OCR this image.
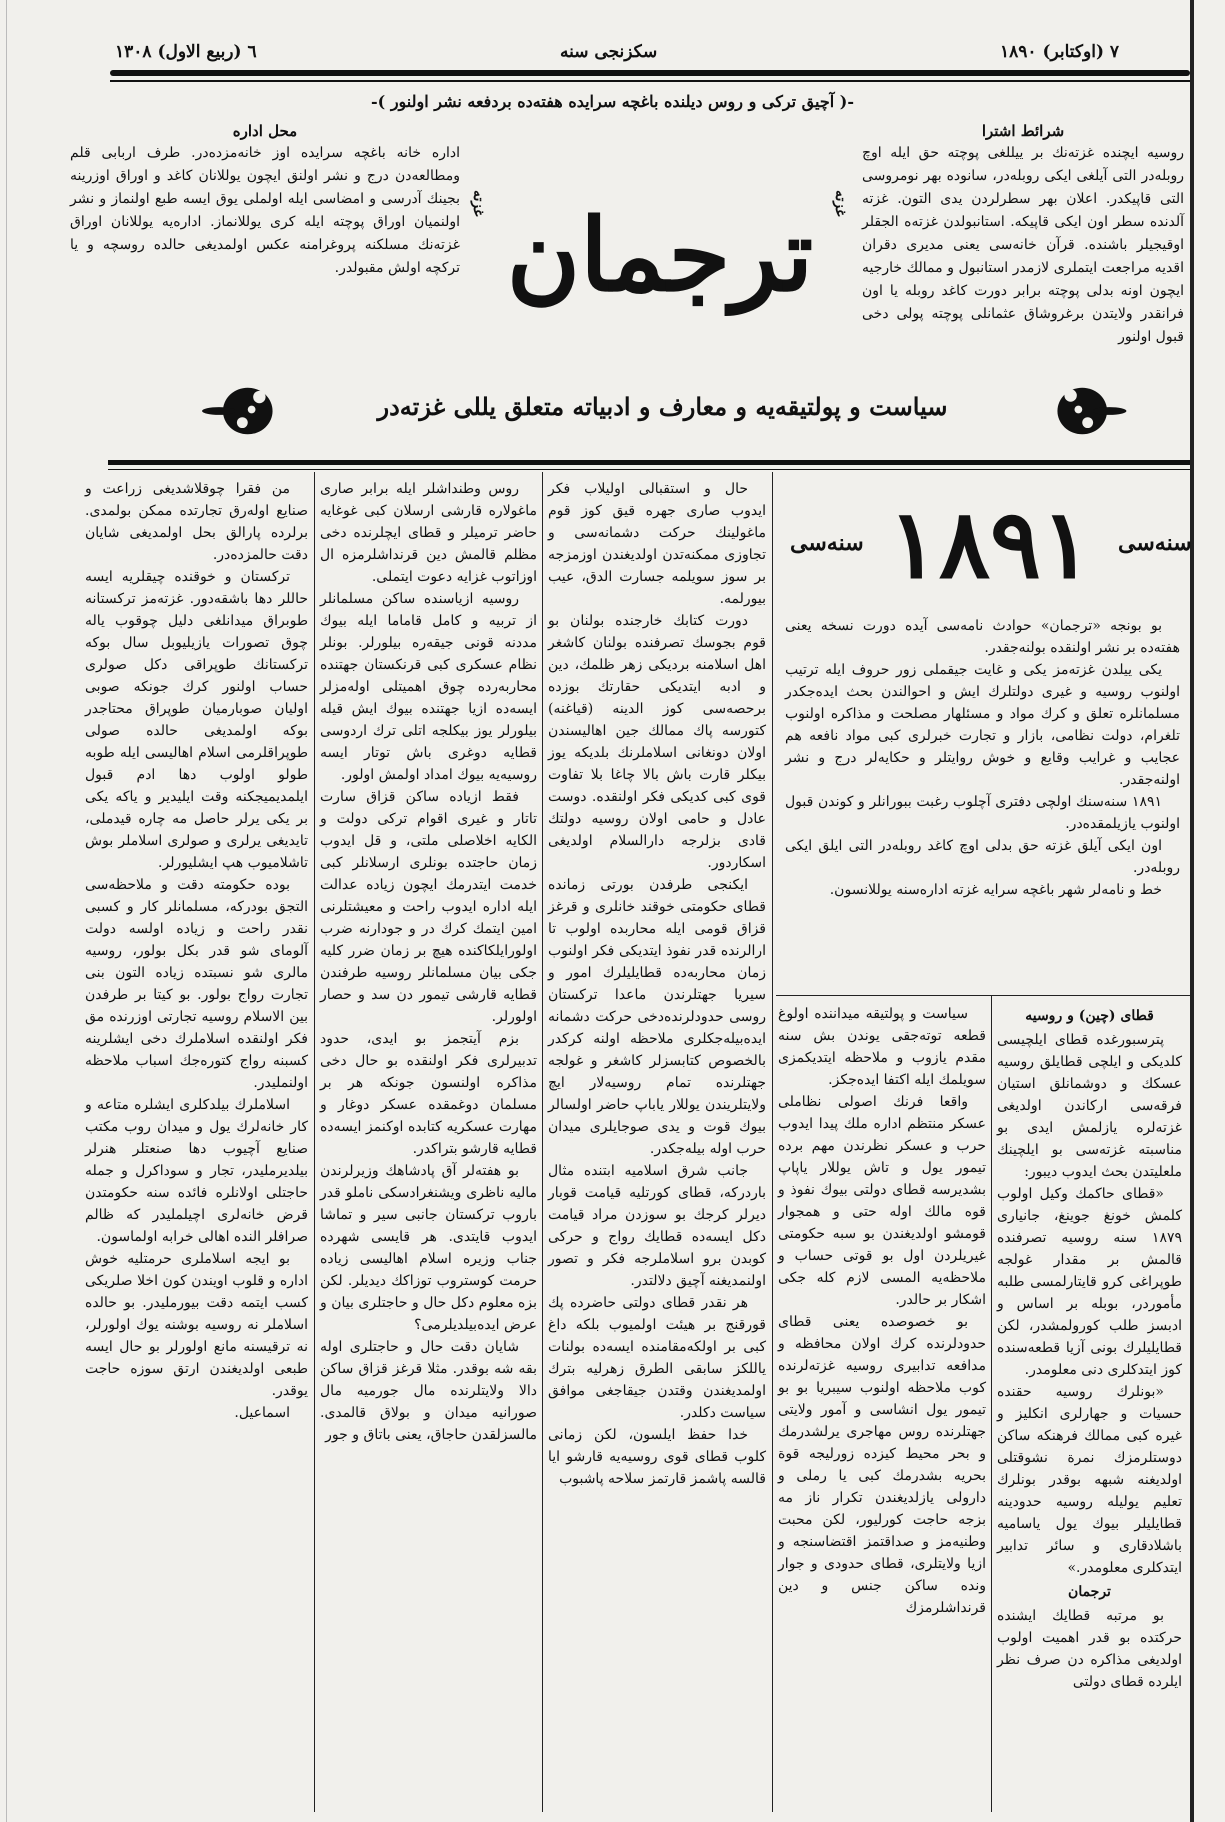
٧ (اوکتابر) ١٨٩٠
سکزنجی سنه
٦ (ربیع الاول) ١٣٠٨
-( آچیق ترکی و روس دیلنده باغچه سرایده هفته‌ده بردفعه نشر اولنور )-
شرائط اشترا
روسیه ایچنده غزته‌نك بر ییللغی پوچته حق ایله اوچ روبله‌در التی آیلغی ایکی روبله‌در، سانوده بهر نومروسی التی قاپیکدر. اعلان بهر سطرلردن یدی التون. غزته آلدنده سطر اون ایکی قاپیکه. استانبولدن غزته‌ه الجقلر اوقیجیلر باشنده. قرآن خانه‌سی یعنی مدیری دقران اقدیه مراجعت ایتملری لازمدر استانبول و ممالك خارجیه ایچون اونه بدلی پوچته برابر دورت کاغد روبله یا اون فرانقدر ولایتدن برغروشاق عثمانلی پوچته پولی دخی قبول اولنور
غزته
ترجمان
غزته
محل اداره
اداره خانه باغچه سرایده اوز خانه‌مزده‌در. طرف اربابی قلم ومطالعه‌دن درج و نشر اولنق ایچون یوللانان کاغد و اوراق اوزرینه بجینك آدرسی و امضاسی ایله اولملی یوق ایسه طبع اولنماز و نشر اولنمیان اوراق پوچته ایله کری یوللانماز. اداره‌یه یوللانان اوراق غزته‌نك مسلکنه پروغرامنه عکس اولمدیغی حالده روسچه و یا ترکچه اولش مقبولدر.
سیاست و پولتیقه‌یه و معارف و ادبیاته متعلق یللی غزته‌در
سنه‌سی
١٨٩١
سنه‌سی

بو بونجه «ترجمان» حوادث نامه‌سی آیده دورت نسخه یعنی هفته‌ده بر نشر اولنقده بولنه‌جقدر.

یکی ییلدن غزته‌مز یکی و غایت جیقملی زور حروف ایله ترتیب اولنوب روسیه و غیری دولتلرك ایش و احوالندن بحث ایده‌جکدر مسلمانلره تعلق و کرك مواد و مسئلهار مصلحت و مذاکره اولنوب تلغرام، دولت نظامی، بازار و تجارت خبرلری کبی مواد نافعه هم عجایب و غرایب وقایع و خوش روایتلر و حکایه‌لر درج و نشر اولنه‌جقدر.

١٨٩١ سنه‌سنك اولچی دفتری آچلوب رغبت ببورانلر و کوندن قبول اولنوب یازیلمقده‌در.

اون ایکی آیلق غزته حق بدلی اوچ کاغد روبله‌در التی ایلق ایکی روبله‌در.

خط و نامه‌لر شهر باغچه سرایه غزته اداره‌سنه یوللانسون.

قطای (چین) و روسیه

پترسبورغده قطای ایلچیسی کلدیکی و ایلچی قطایلق روسیه عسکك و دوشمانلق استیان فرقه‌سی ارکاندن اولدیغی غزته‌لره یازلمش ایدی بو مناسبته غزته‌سی بو ایلچینك ملعلیتدن بحث ایدوب دیبور:

«قطای حاکمك وکیل اولوب کلمش خونغ جوینغ، جانیاری ١٨٧٩ سنه روسیه تصرفنده قالمش بر مقدار غولجه طوپراغی کرو قایتارلمسی طلبه مأموردر، بوبله بر اساس و ادبسز طلب کورولمشدر، لکن قطایلیلرك بونی آزیا قطعه‌سنده کوز ایتدکلری دنی معلومدر.

«بونلرك روسیه حقنده حسیات و جهارلری انکلیز و غیره کبی ممالك فرهنکه ساکن دوستلرمزك نمرة نشوقتلی اولدیغنه شبهه بوقدر بونلرك تعلیم یولیله روسیه حدودینه قطایلیلر بیوك یول یاسامیه باشلادقاری و سائر تدابیر ایتدکلری معلومدر.»

ترجمان

بو مرتبه قطایك ایشنده حرکتده بو قدر اهمیت اولوب اولدیغی مذاکره دن صرف نظر ایلرده قطای دولتی

سیاست و پولتیقه میداننده اولوغ قطعه توته‌جقی یوندن بش سنه مقدم یازوب و ملاحظه ایتدیکمزی سویلمك ایله اکتفا ایده‌جکز.

واقعا فرنك اصولی نظاملی عسکر منتظم اداره ملك پیدا ایدوب حرب و عسکر نظرندن مهم برده تیمور یول و تاش یوللار یاپاپ بشدیرسه قطای دولتی بیوك نفوذ و قوه مالك اوله حتی و همجوار قومشو اولدیغندن بو سبه حکومتی غیریلردن اول بو قوتی حساب و ملاحظه‌یه المسی لازم کله جکی اشکار بر حالدر.

بو خصوصده یعنی قطای حدودلرنده کرك اولان محافظه و مدافعه تدابیری روسیه غزته‌لرنده کوب ملاحظه اولنوب سیبریا بو بو تیمور یول انشاسی و آمور ولایتی جهتلرنده روس مهاجری یرلشدرمك و بحر محیط کیزده زورلیجه قوة بحریه بشدرمك کبی یا رملی و دارولی یازلدیغندن تکرار ناز مه بزجه حاجت کورلیور، لکن محبت وطنیه‌مز و صداقتمز اقتضاسنجه و ازیا ولایتلری، قطای حدودی و جوار ونده ساکن جنس و دین قرنداشلرمزك

حال و استقبالی اولیلاب فکر ایدوب صاری جهره قیق کوز قوم ماغولینك حرکت دشمانه‌سی و تجاوزی ممکنه‌تدن اولدیغندن اوزمزجه بر سوز سویلمه جسارت الدق، عیب بیورلمه.

دورت کتابك خارجنده بولنان بو قوم بجوسك تصرفنده بولنان کاشغر اهل اسلامنه بردیکی زهر ظلمك، دین و ادبه ایتدیکی حقارتك بوزده برحصه‌سی کوز الدینه (قیاغنه) کتورسه پاك ممالك جین اهالیسندن اولان دونغانی اسلاملرنك بلدیکه یوز بیکلر قارت باش بالا چاغا بلا تفاوت قوی کبی کدیکی فکر اولنقده. دوست عادل و حامی اولان روسیه دولتك قادی بزلرجه دارالسلام اولدیغی اسکاردور.

ایکنجی طرفدن بورتی زمانده قطای حکومتی خوقند خانلری و قرغز قزاق قومی ایله محاربده اولوب تا ارالرنده قدر نفوذ ایتدیکی فکر اولنوب زمان محاربه‌ده قطایلیلرك امور و سیریا جهتلرندن ماعدا ترکستان روسی حدودلرنده‌دخی حرکت دشمانه ایده‌بیله‌جکلری ملاحظه اولنه کرکدر بالخصوص کتابسزلر کاشغر و غولجه جهتلرنده تمام روسیه‌لار ایچ ولایتلریندن یوللار یاباپ حاضر اولسالر بیوك قوت و یدی صوجایلری میدان حرب اوله بیله‌جکدر.

جانب شرق اسلامیه ابتنده مثال باردرکه، قطای کورتلیه قیامت قوبار دیرلر کرجك بو سوزدن مراد قیامت دکل ایسه‌ده قطایك رواج و حرکی کوبدن برو اسلاملرجه فکر و تصور اولنمدیغنه آچیق دلالتدر.

هر نقدر قطای دولتی حاضرده پك قورقنج بر هیئت اولمیوب بلکه داغ کبی بر اولکه‌مقامنده ایسه‌ده بولنات یاللکز سابقی الطرق زهرلیه بترك اولمدیغندن وقتدن جیقاجغی موافق سیاست دکلدر.

خدا حفظ ایلسون، لکن زمانی کلوب قطای قوی روسیه‌یه قارشو ایا قالسه پاشمز قارتمز سلاحه پاشبوب

روس وطنداشلر ایله برابر صاری ماغولاره قارشی ارسلان کبی غوغایه حاضر ترمیلر و قطای ایچلرنده دخی مظلم قالمش دین قرنداشلرمزه ال اوزاتوب غزایه دعوت ایتملی.

روسیه ازیاسنده ساکن مسلمانلر از تربیه و کامل قاماما ایله بیوك مددنه قونی جیقه‌ره بیلورلر. بونلر نظام عسکری کبی قرنکستان جهتنده محاربه‌رده چوق اهمیتلی اوله‌مزلر ایسه‌ده ازیا جهتنده بیوك ایش قیله بیلورلر یوز بیکلجه اتلی ترك اردوسی قطایه دوغری باش توتار ایسه روسیه‌یه بیوك امداد اولمش اولور.

فقط ازیاده ساکن قزاق سارت تاتار و غیری اقوام ترکی دولت و الکایه اخلاصلی ملتی، و قل ایدوب زمان حاجتده بونلری ارسلانلر کبی خدمت ایتدرمك ایچون زیاده عدالت ایله اداره ایدوب راحت و معیشتلرنی امین ایتمك کرك در و جودارنه ضرب اولورایلکاکنده هیچ بر زمان ضرر کلیه جکی بیان مسلمانلر روسیه طرفندن قطایه قارشی تیمور دن سد و حصار اولورلر.

بزم آیتجمز بو ایدی، حدود تدبیرلری فکر اولنقده بو حال دخی مذاکره اولنسون جونکه هر بر مسلمان دوغمقده عسکر دوغار و مهارت عسکریه کتابده اوکنمز ایسه‌ده قطایه قارشو بتراکدر.

بو هفته‌لر آق پادشاهك وزیرلرندن مالیه ناظری ویشنغرادسکی ناملو قدر باروب ترکستان جانبی سیر و تماشا ایدوب قایتدی. هر قایسی شهرده جناب وزیره اسلام اهالیسی زیاده حرمت کوستروب توزاکك دیدیلر. لکن بزه معلوم دکل حال و حاجتلری بیان و عرض ایده‌بیلدیلرمی؟

شایان دقت حال و حاجتلری اوله بقه شه بوقدر. مثلا قرغز قزاق ساکن دالا ولایتلرنده مال جورمیه مال صورانیه میدان و بولاق قالمدی. مالسزلقدن حاجاق، یعنی باتاق و جور

من فقرا چوقلاشدیغی زراعت و صنایع اوله‌رق تجارتده ممکن بولمدی. برلرده پارالق بحل اولمدیغی شایان دقت حالمزده‌در.

ترکستان و خوقنده چیقلریه ایسه حاللر دها باشقه‌دور. غزته‌مز ترکستانه طوبراق میدانلغی دلیل چوقوب یاله چوق تصورات یازیلیوبل سال بوکه ترکستانك طوپراقی دکل صولری حساب اولنور کرك جونکه صوبی اولیان صوبارمیان طوپراق محتاجدر بوکه اولمدیغی حالده صولی طوپراقلرمی اسلام اهالیسی ایله طوبه طولو اولوب دها ادم قبول ایلمدیمیجکنه وقت ایلیدیر و یاکه یکی بر یکی یرلر حاصل مه چاره قیدملی، تایدیغی یرلری و صولری اسلاملر بوش تاشلامیوب هپ ایشلیورلر.

بوده حکومته دقت و ملاحظه‌سی التجق بودرکه، مسلمانلر کار و کسبی نقدر راحت و زیاده اولسه دولت آلومای شو قدر بکل بولور، روسیه مالری شو نسبتده زیاده التون بنی تجارت رواج بولور. بو کیتا بر طرفدن بین الاسلام روسیه تجارتی اوزرنده مق فکر اولنقده اسلاملرك دخی ایشلرینه کسبنه رواج کتوره‌جك اسباب ملاحظه اولنملیدر.

اسلاملرك بیلدکلری ایشلره متاعه و کار خانه‌لرك یول و میدان روب مکتب صنایع آچیوب دها صنعتلر هنرلر بیلدیرملیدر، تجار و سوداکرل و جمله حاجتلی اولانلره فائده سنه حکومتدن قرض خانه‌لری اچیلملیدر که ظالم صرافلر النده اهالی خرابه اولماسون.

بو ایجه اسلاملری حرمتلیه خوش اداره و قلوب اویندن کون اخلا صلریکی کسب ایتمه دقت بیورملیدر. بو حالده اسلاملر نه روسیه بوشنه یوك اولورلر، نه ترقیسنه مانع اولورلر بو حال ایسه طبعی اولدیغندن ارتق سوزه حاجت یوقدر.

اسماعیل.
